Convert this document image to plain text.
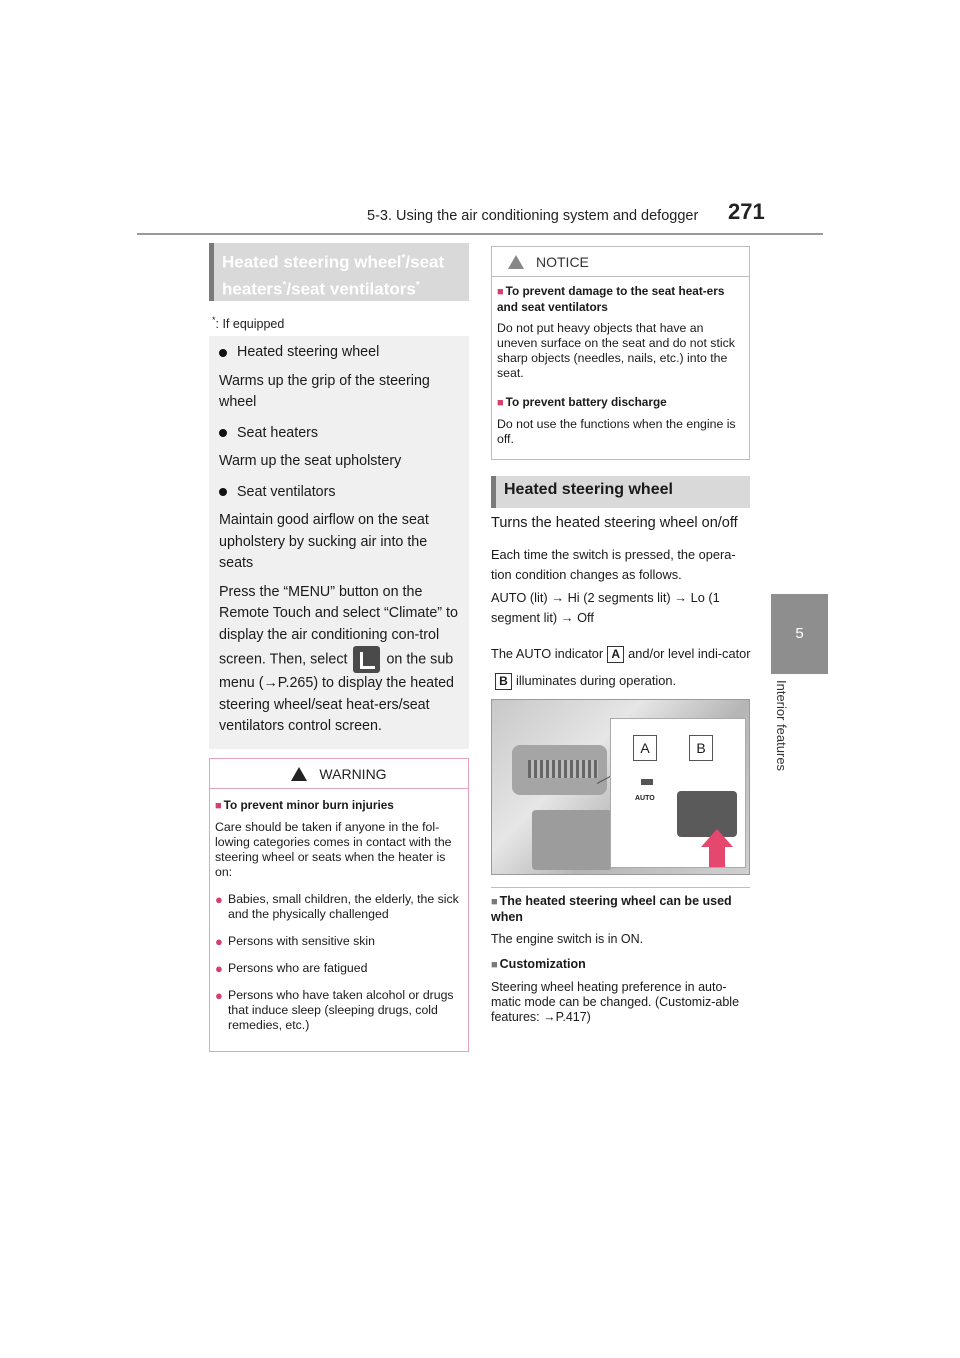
5-3. Using the air conditioning system and defogger 271
5
Interior features
Heated steering wheel*/seat
heaters*/seat ventilators*
*: If equipped
Heated steering wheel

Warms up the grip of the steering wheel

Seat heaters

Warm up the seat upholstery

Seat ventilators

Maintain good airflow on the seat upholstery by sucking air into the seats

Press the “MENU” button on the Remote Touch and select “Climate” to display the air conditioning con-trol screen. Then, select	on the sub menu (→P.265) to display the heated steering wheel/seat heat-ers/seat ventilators control screen.

WARNING
■ To prevent minor burn injuries
Care should be taken if anyone in the fol-lowing categories comes in contact with the steering wheel or seats when the heater is on:
● Babies, small children, the elderly, the sick and the physically challenged
● Persons with sensitive skin
● Persons who are fatigued
● Persons who have taken alcohol or drugs that induce sleep (sleeping drugs, cold remedies, etc.)
NOTICE
■ To prevent damage to the seat heat-ers and seat ventilators
Do not put heavy objects that have an uneven surface on the seat and do not stick sharp objects (needles, nails, etc.) into the seat.
■ To prevent battery discharge
Do not use the functions when the engine is off.
Heated steering wheel
Turns the heated steering wheel on/off
Each time the switch is pressed, the opera-tion condition changes as follows.
AUTO (lit) → Hi (2 segments lit) → Lo (1 segment lit) → Off
The AUTO indicator A and/or level indi-catorB illuminates during operation.
A	B
AUTO
■ The heated steering wheel can be used when
The engine switch is in ON.
■ Customization
Steering wheel heating preference in auto-matic mode can be changed. (Customiz-able features: →P.417)
